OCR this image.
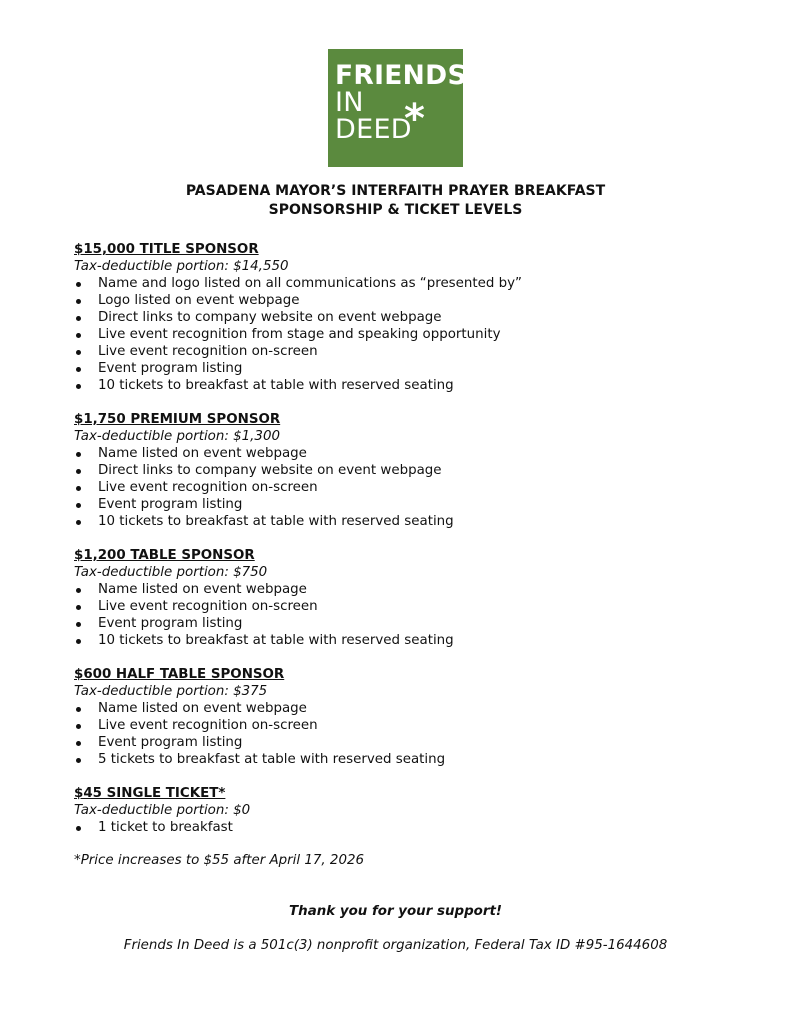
FRIENDS
IN
DEED
*
PASADENA MAYOR’S INTERFAITH PRAYER BREAKFAST
SPONSORSHIP & TICKET LEVELS
$15,000 TITLE SPONSOR
Tax-deductible portion: $14,550
Name and logo listed on all communications as “presented by”
Logo listed on event webpage
Direct links to company website on event webpage
Live event recognition from stage and speaking opportunity
Live event recognition on-screen
Event program listing
10 tickets to breakfast at table with reserved seating
$1,750 PREMIUM SPONSOR
Tax-deductible portion: $1,300
Name listed on event webpage
Direct links to company website on event webpage
Live event recognition on-screen
Event program listing
10 tickets to breakfast at table with reserved seating
$1,200 TABLE SPONSOR
Tax-deductible portion: $750
Name listed on event webpage
Live event recognition on-screen
Event program listing
10 tickets to breakfast at table with reserved seating
$600 HALF TABLE SPONSOR
Tax-deductible portion: $375
Name listed on event webpage
Live event recognition on-screen
Event program listing
5 tickets to breakfast at table with reserved seating
$45 SINGLE TICKET*
Tax-deductible portion: $0
1 ticket to breakfast
*Price increases to $55 after April 17, 2026
Thank you for your support!
Friends In Deed is a 501c(3) nonprofit organization, Federal Tax ID #95-1644608
